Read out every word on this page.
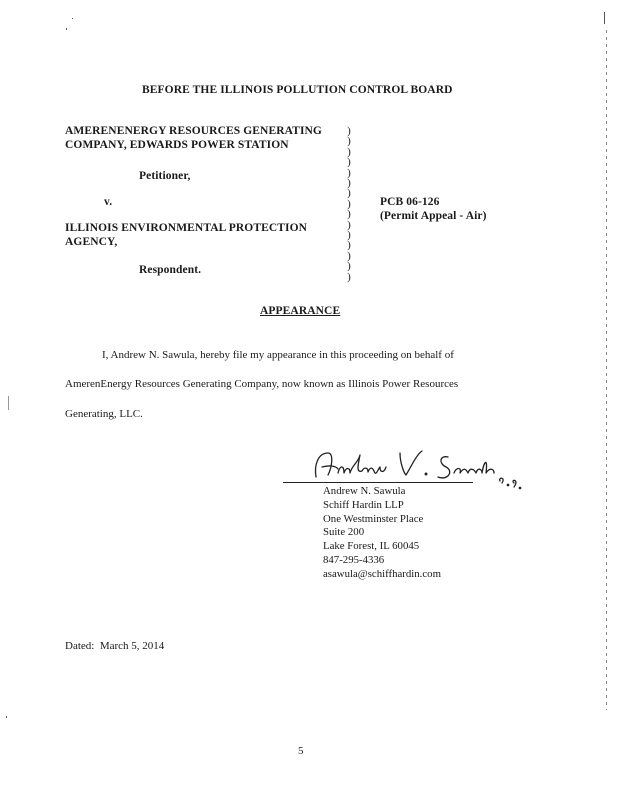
BEFORE THE ILLINOIS POLLUTION CONTROL BOARD
AMERENENERGY RESOURCES GENERATING
COMPANY, EDWARDS POWER STATION
Petitioner,
v.
ILLINOIS ENVIRONMENTAL PROTECTION
AGENCY,
Respondent.
)
)
)
)
)
)
)
)
)
)
)
)
)
)
)
PCB 06-126
(Permit Appeal - Air)
APPEARANCE
I, Andrew N. Sawula, hereby file my appearance in this proceeding on behalf of
AmerenEnergy Resources Generating Company, now known as Illinois Power Resources
Generating, LLC.
Andrew N. Sawula
Schiff Hardin LLP
One Westminster Place
Suite 200
Lake Forest, IL 60045
847-295-4336
asawula@schiffhardin.com
Dated:  March 5, 2014
5
